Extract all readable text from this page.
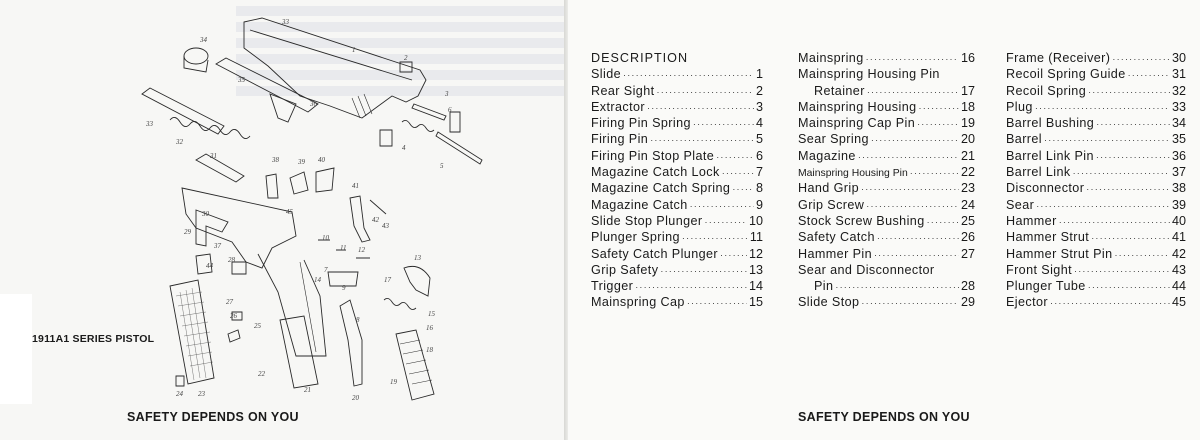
33
34
1
2
35
36
33
3
6
4
5
32
31	38	39 40
41
42
30	45
29
44
28
37
10
11 12
7
9
14
13
15
16
18
19
20
21
22
23
24
25
26
27
8
17
43
1911A1 SERIES PISTOL
SAFETY DEPENDS ON YOU
DESCRIPTION
Slide ·····	1
Rear Sight ·····	2
Extractor ·····	3
Firing Pin Spring ·····	4
Firing Pin ·····	5
Firing Pin Stop Plate ·····	6
Magazine Catch Lock ·····	7
Magazine Catch Spring ····· 8
Magazine Catch ·····	9
Slide Stop Plunger ·····	10
Plunger Spring ·····	11
Safety Catch Plunger ····· 12
Grip Safety ·····	13
Trigger ·····	14
Mainspring Cap ·····	15
Mainspring ·····	16
Mainspring Housing Pin
Retainer ·····	17
Mainspring Housing ·····	18
Mainspring Cap Pin ·····	19
Sear Spring ·····	20
Magazine ·····	21
Mainspring Housing Pin ·····	22
Hand Grip ·····	23
Grip Screw ·····	24
Stock Screw Bushing ·····	25
Safety Catch ·····	26
Hammer Pin ·····	27
Sear and Disconnector
Pin ·····	28
Slide Stop ·····	29
Frame (Receiver) ·····	30
Recoil Spring Guide ·····	31
Recoil Spring ·····	32
Plug ·····	33
Barrel Bushing ·····	34
Barrel ·····	35
Barrel Link Pin ·····	36
Barrel Link ·····	37
Disconnector ·····	38
Sear ·····	39
Hammer ·····	40
Hammer Strut ·····	41
Hammer Strut Pin ·····	42
Front Sight ·····	43
Plunger Tube ·····	44
Ejector ·····	45
SAFETY DEPENDS ON YOU
